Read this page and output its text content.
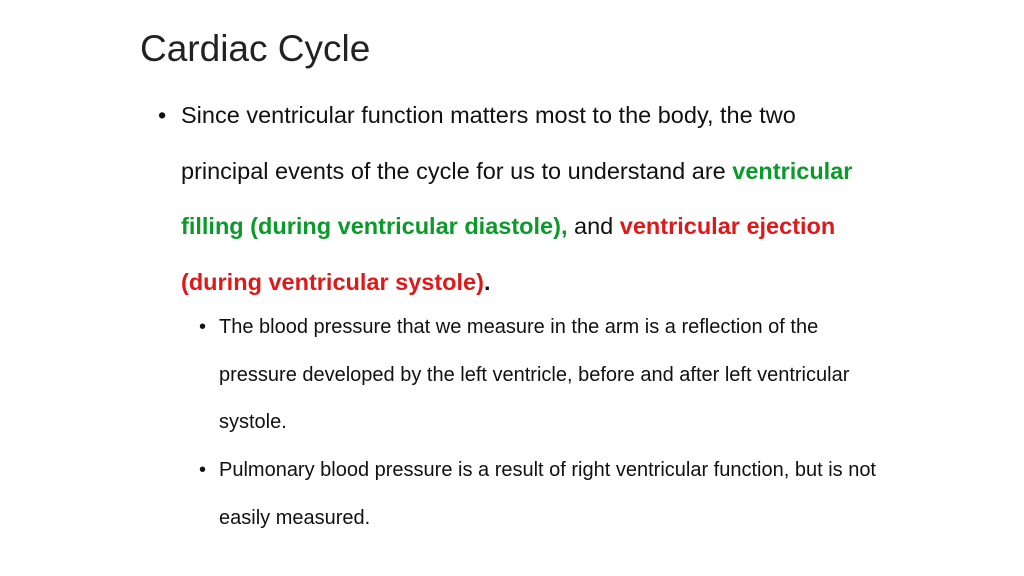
Cardiac Cycle
• Since ventricular function matters most to the body, the two principal events of the cycle for us to understand are ventricular filling (during ventricular diastole), and ventricular ejection (during ventricular systole).
• The blood pressure that we measure in the arm is a reflection of the pressure developed by the left ventricle, before and after left ventricular systole.
• Pulmonary blood pressure is a result of right ventricular function, but is not easily measured.
